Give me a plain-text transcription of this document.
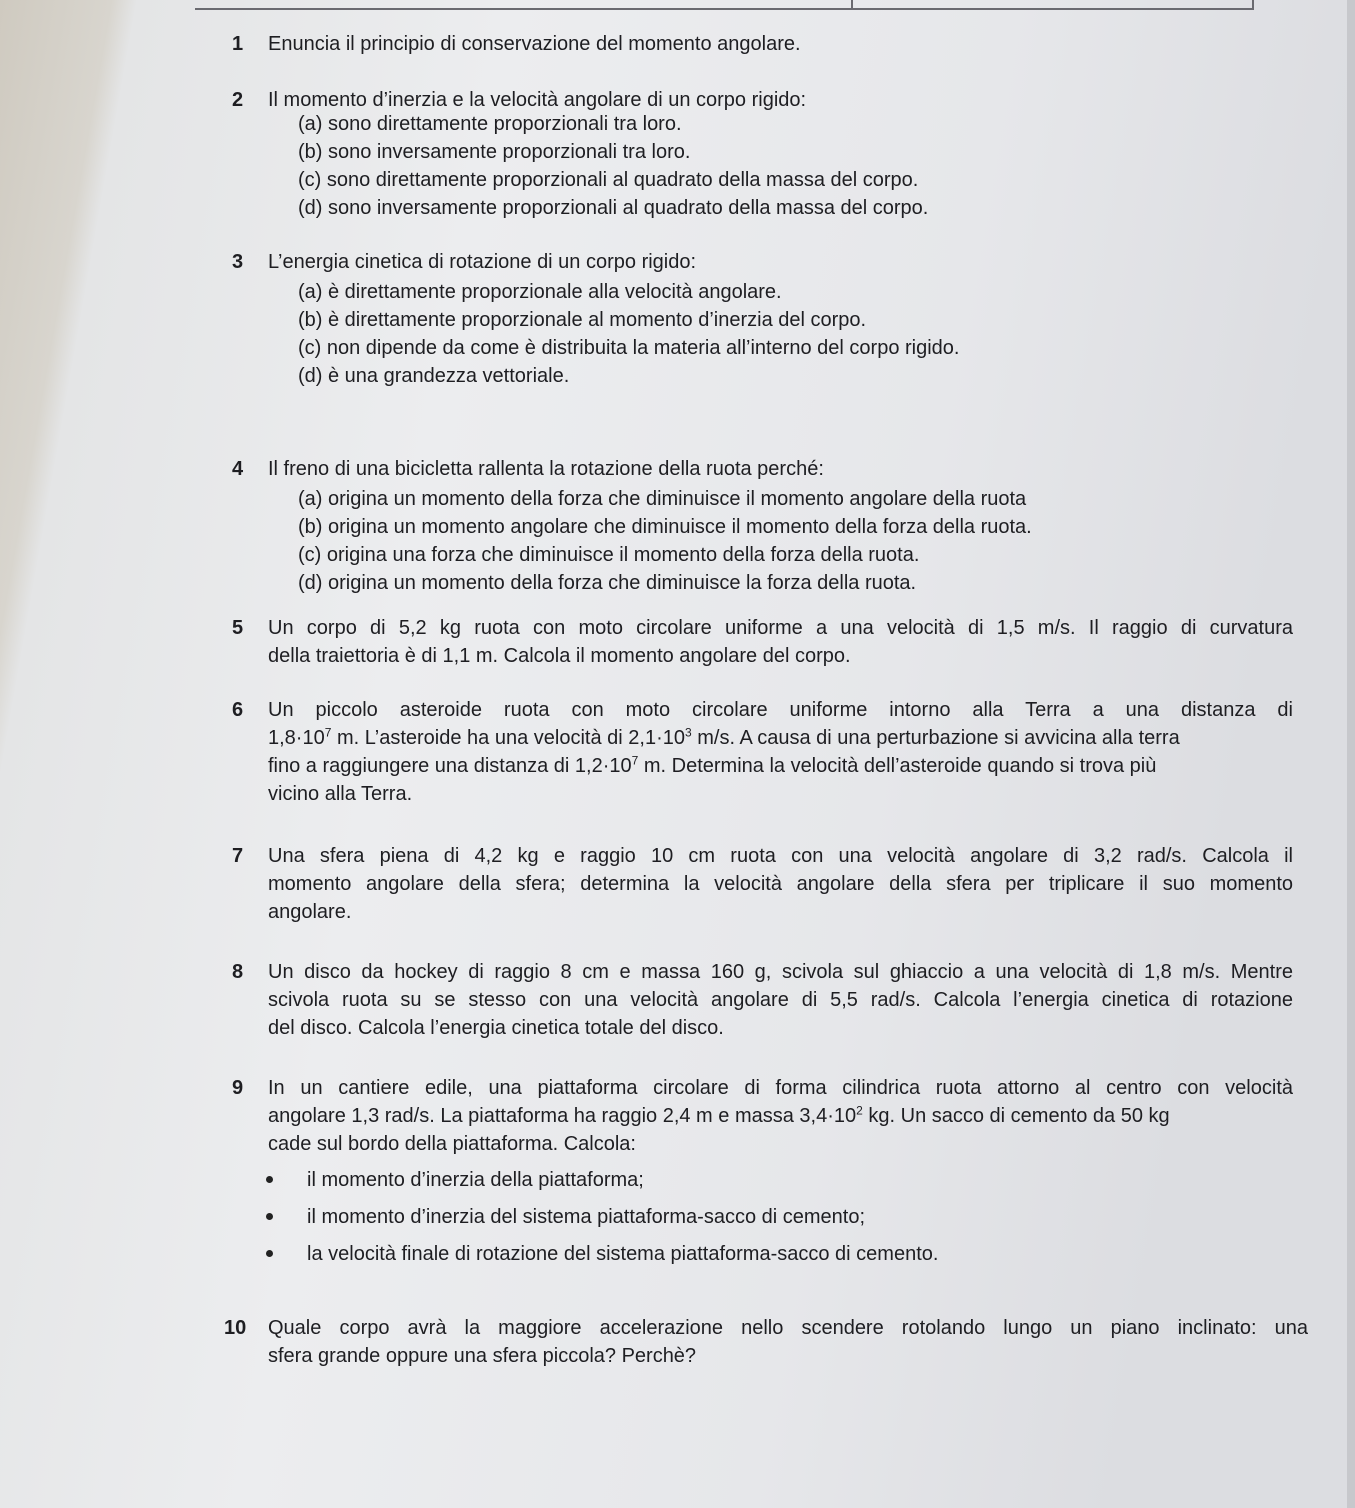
1 Enuncia il principio di conservazione del momento angolare.
2 Il momento d’inerzia e la velocità angolare di un corpo rigido:
(a) sono direttamente proporzionali tra loro.
(b) sono inversamente proporzionali tra loro.
(c) sono direttamente proporzionali al quadrato della massa del corpo.
(d) sono inversamente proporzionali al quadrato della massa del corpo.
3 L’energia cinetica di rotazione di un corpo rigido:
(a) è direttamente proporzionale alla velocità angolare.
(b) è direttamente proporzionale al momento d’inerzia del corpo.
(c) non dipende da come è distribuita la materia all’interno del corpo rigido.
(d) è una grandezza vettoriale.
4 Il freno di una bicicletta rallenta la rotazione della ruota perché:
(a) origina un momento della forza che diminuisce il momento angolare della ruota
(b) origina un momento angolare che diminuisce il momento della forza della ruota.
(c) origina una forza che diminuisce il momento della forza della ruota.
(d) origina un momento della forza che diminuisce la forza della ruota.
5 Un corpo di 5,2 kg ruota con moto circolare uniforme a una velocità di 1,5 m/s. Il raggio di curvatura
della traiettoria è di 1,1 m. Calcola il momento angolare del corpo.
6 Un piccolo asteroide ruota con moto circolare uniforme intorno alla Terra a una distanza di
$1,8\cdot 10^7$ m. L’asteroide ha una velocità di $2,1\cdot 10^3$ m/s. A causa di una perturbazione si avvicina alla terra
fino a raggiungere una distanza di $1,2\cdot 10^7$ m. Determina la velocità dell’asteroide quando si trova più
vicino alla Terra.
7 Una sfera piena di 4,2 kg e raggio 10 cm ruota con una velocità angolare di 3,2 rad/s. Calcola il
momento angolare della sfera; determina la velocità angolare della sfera per triplicare il suo momento
angolare.
8 Un disco da hockey di raggio 8 cm e massa 160 g, scivola sul ghiaccio a una velocità di 1,8 m/s. Mentre
scivola ruota su se stesso con una velocità angolare di 5,5 rad/s. Calcola l’energia cinetica di rotazione
del disco. Calcola l’energia cinetica totale del disco.
9 In un cantiere edile, una piattaforma circolare di forma cilindrica ruota attorno al centro con velocità
angolare 1,3 rad/s. La piattaforma ha raggio 2,4 m e massa $3,4\cdot 10^2$ kg. Un sacco di cemento da 50 kg
cade sul bordo della piattaforma. Calcola:
il momento d’inerzia della piattaforma;
il momento d’inerzia del sistema piattaforma-sacco di cemento;
la velocità finale di rotazione del sistema piattaforma-sacco di cemento.
10 Quale corpo avrà la maggiore accelerazione nello scendere rotolando lungo un piano inclinato: una
sfera grande oppure una sfera piccola? Perchè?
